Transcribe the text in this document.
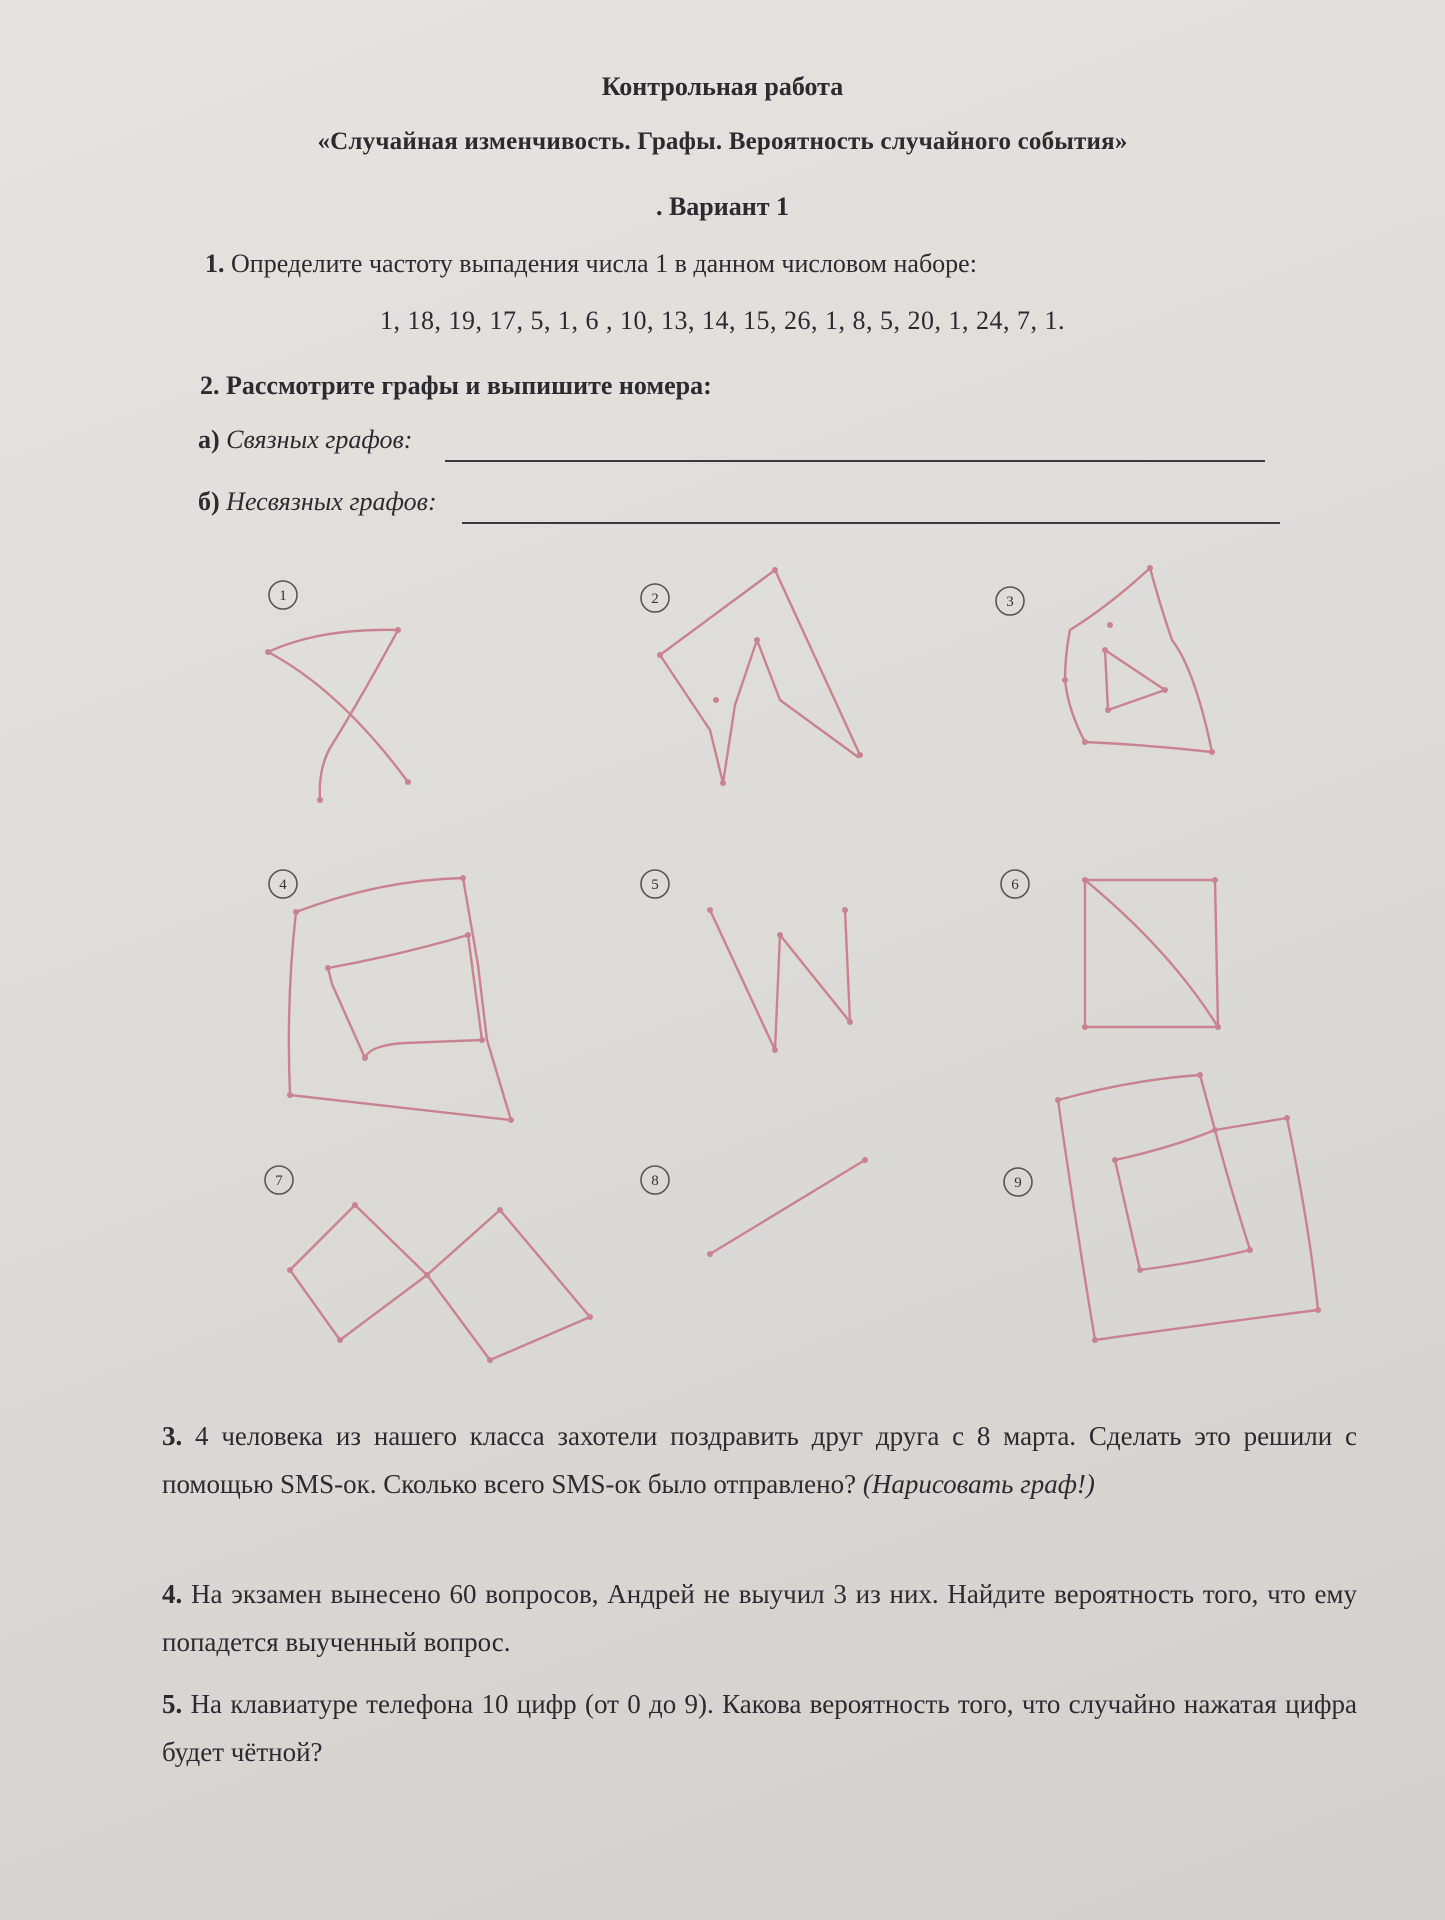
Контрольная работа
«Случайная изменчивость. Графы. Вероятность случайного события»
. Вариант 1
1. Определите частоту выпадения числа 1 в данном числовом наборе:
1, 18, 19, 17, 5, 1, 6 , 10, 13, 14, 15, 26, 1, 8, 5, 20, 1, 24, 7, 1.
2. Рассмотрите графы и выпишите номера:
а) Связных графов:
б) Несвязных графов:
1	2	3
4	5	6
7	8	9
3. 4 человека из нашего класса захотели поздравить друг друга с 8 марта. Сделать это решили с помощью SMS-ок. Сколько всего SMS-ок было отправлено? (Нарисовать граф!)
4. На экзамен вынесено 60 вопросов, Андрей не выучил 3 из них. Найдите вероятность того, что ему попадется выученный вопрос.
5. На клавиатуре телефона 10 цифр (от 0 до 9). Какова вероятность того, что случайно нажатая цифра будет чётной?
